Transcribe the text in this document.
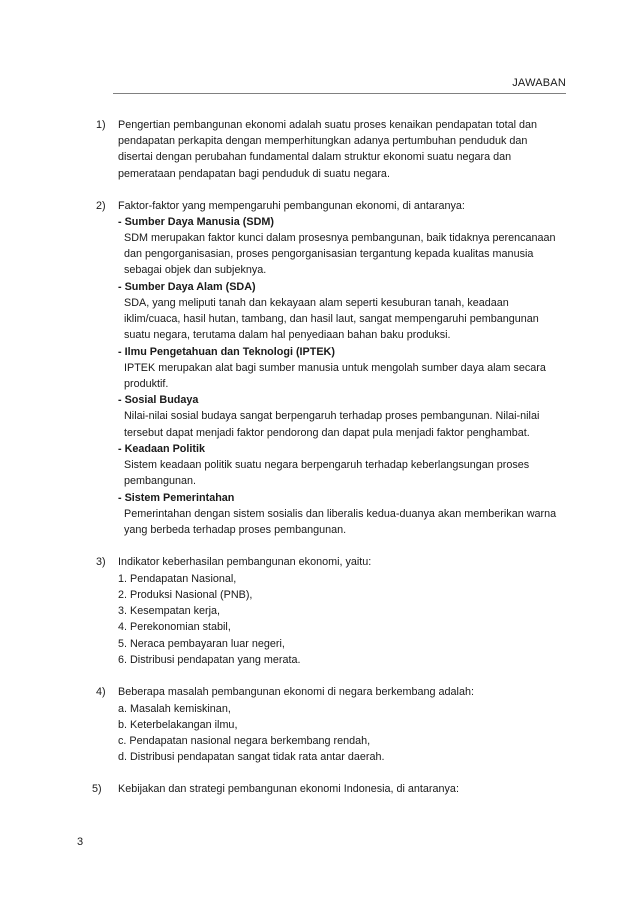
JAWABAN
1) Pengertian pembangunan ekonomi adalah suatu proses kenaikan pendapatan total dan
pendapatan perkapita dengan memperhitungkan adanya pertumbuhan penduduk dan
disertai dengan perubahan fundamental dalam struktur ekonomi suatu negara dan
pemerataan pendapatan bagi penduduk di suatu negara.
2) Faktor-faktor yang mempengaruhi pembangunan ekonomi, di antaranya:
- Sumber Daya Manusia (SDM)
SDM merupakan faktor kunci dalam prosesnya pembangunan, baik tidaknya perencanaan
dan pengorganisasian, proses pengorganisasian tergantung kepada kualitas manusia
sebagai objek dan subjeknya.
- Sumber Daya Alam (SDA)
SDA, yang meliputi tanah dan kekayaan alam seperti kesuburan tanah, keadaan
iklim/cuaca, hasil hutan, tambang, dan hasil laut, sangat mempengaruhi pembangunan
suatu negara, terutama dalam hal penyediaan bahan baku produksi.
- Ilmu Pengetahuan dan Teknologi (IPTEK)
IPTEK merupakan alat bagi sumber manusia untuk mengolah sumber daya alam secara
produktif.
- Sosial Budaya
Nilai-nilai sosial budaya sangat berpengaruh terhadap proses pembangunan. Nilai-nilai
tersebut dapat menjadi faktor pendorong dan dapat pula menjadi faktor penghambat.
- Keadaan Politik
Sistem keadaan politik suatu negara berpengaruh terhadap keberlangsungan proses
pembangunan.
- Sistem Pemerintahan
Pemerintahan dengan sistem sosialis dan liberalis kedua-duanya akan memberikan warna
yang berbeda terhadap proses pembangunan.
3) Indikator keberhasilan pembangunan ekonomi, yaitu:
1. Pendapatan Nasional,
2. Produksi Nasional (PNB),
3. Kesempatan kerja,
4. Perekonomian stabil,
5. Neraca pembayaran luar negeri,
6. Distribusi pendapatan yang merata.
4) Beberapa masalah pembangunan ekonomi di negara berkembang adalah:
a. Masalah kemiskinan,
b. Keterbelakangan ilmu,
c. Pendapatan nasional negara berkembang rendah,
d. Distribusi pendapatan sangat tidak rata antar daerah.
5) Kebijakan dan strategi pembangunan ekonomi Indonesia, di antaranya:
3
